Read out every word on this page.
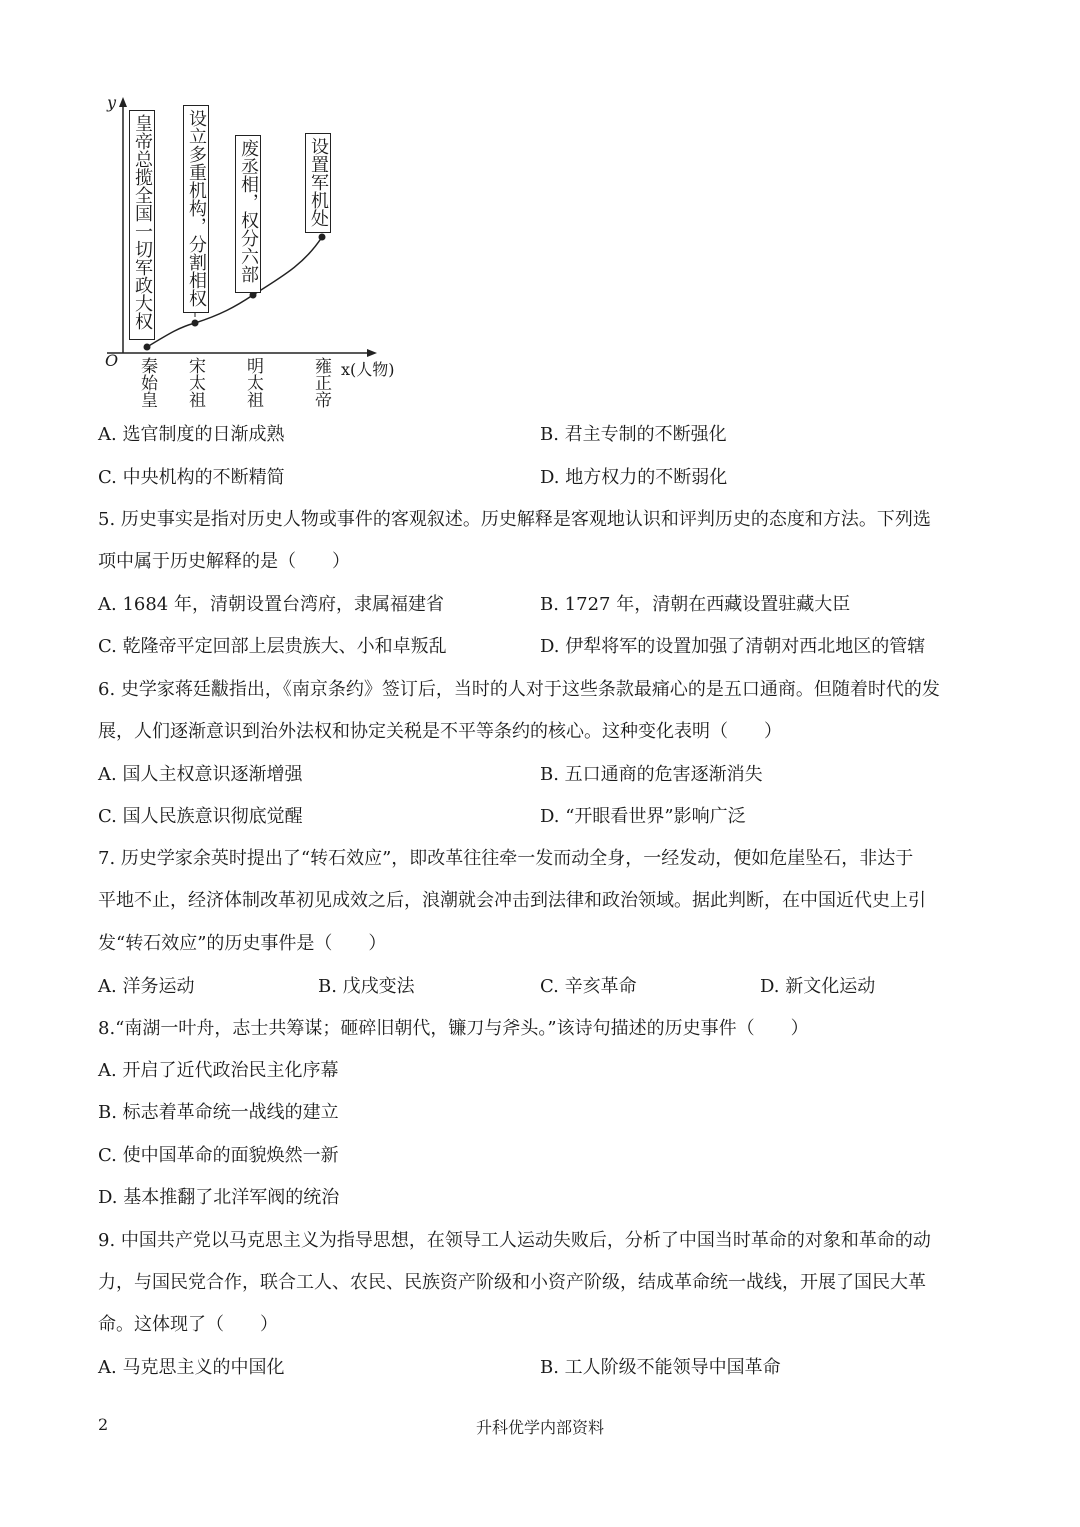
y
O	x(人物)
皇帝总揽全国一切军政大权 设立多重机构，分割相权 废丞相，权分六部	设置军机处
秦始皇 宋太祖 明太祖	雍正帝
A. 选官制度的日渐成熟	B. 君主专制的不断强化
C. 中央机构的不断精简	D. 地方权力的不断弱化
5. 历史事实是指对历史人物或事件的客观叙述。历史解释是客观地认识和评判历史的态度和方法。下列选
项中属于历史解释的是（　　）
A. 1684 年，清朝设置台湾府，隶属福建省	B. 1727 年，清朝在西藏设置驻藏大臣
C. 乾隆帝平定回部上层贵族大、小和卓叛乱	D. 伊犁将军的设置加强了清朝对西北地区的管辖
6. 史学家蒋廷黻指出，《南京条约》签订后，当时的人对于这些条款最痛心的是五口通商。但随着时代的发
展，人们逐渐意识到治外法权和协定关税是不平等条约的核心。这种变化表明（　　）
A. 国人主权意识逐渐增强	B. 五口通商的危害逐渐消失
C. 国人民族意识彻底觉醒	D. “开眼看世界”影响广泛
7. 历史学家余英时提出了“转石效应”，即改革往往牵一发而动全身，一经发动，便如危崖坠石，非达于
平地不止，经济体制改革初见成效之后，浪潮就会冲击到法律和政治领域。据此判断，在中国近代史上引
发“转石效应”的历史事件是（　　）
A. 洋务运动	B. 戊戌变法	C. 辛亥革命	D. 新文化运动
8.“南湖一叶舟，志士共筹谋；砸碎旧朝代，镰刀与斧头。”该诗句描述的历史事件（　　）
A. 开启了近代政治民主化序幕
B. 标志着革命统一战线的建立
C. 使中国革命的面貌焕然一新
D. 基本推翻了北洋军阀的统治
9. 中国共产党以马克思主义为指导思想，在领导工人运动失败后，分析了中国当时革命的对象和革命的动
力，与国民党合作，联合工人、农民、民族资产阶级和小资产阶级，结成革命统一战线，开展了国民大革
命。这体现了（　　）
A. 马克思主义的中国化	B. 工人阶级不能领导中国革命
2	升科优学内部资料
